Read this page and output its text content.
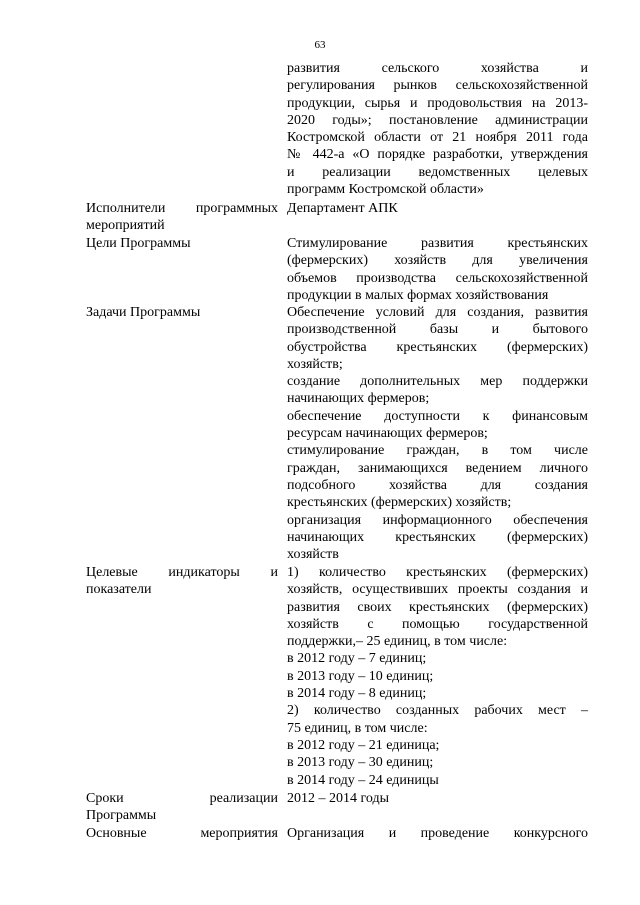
63
развития сельского хозяйства и
регулирования рынков сельскохозяйственной
продукции, сырья и продовольствия на 2013-
2020 годы»; постановление администрации
Костромской области от 21 ноября 2011 года
№ 442-а «О порядке разработки, утверждения
и реализации ведомственных целевых
программ Костромской области»
Исполнители программных
мероприятий
Департамент АПК
Цели Программы	Стимулирование развития крестьянских
(фермерских) хозяйств для увеличения
объемов производства сельскохозяйственной
продукции в малых формах хозяйствования
Задачи Программы	Обеспечение условий для создания, развития
производственной базы и бытового
обустройства крестьянских (фермерских)
хозяйств;
создание дополнительных мер поддержки
начинающих фермеров;
обеспечение доступности к финансовым
ресурсам начинающих фермеров;
стимулирование граждан, в том числе
граждан, занимающихся ведением личного
подсобного хозяйства для создания
крестьянских (фермерских) хозяйств;
организация информационного обеспечения
начинающих крестьянских (фермерских)
хозяйств
Целевые индикаторы и
показатели
1) количество крестьянских (фермерских)
хозяйств, осуществивших проекты создания и
развития своих крестьянских (фермерских)
хозяйств с помощью государственной
поддержки,– 25 единиц, в том числе:
в 2012 году – 7 единиц;
в 2013 году – 10 единиц;
в 2014 году – 8 единиц;
2) количество созданных рабочих мест –
75 единиц, в том числе:
в 2012 году – 21 единица;
в 2013 году – 30 единиц;
в 2014 году – 24 единицы
Сроки реализации
Программы
2012 – 2014 годы
Основные мероприятия Организация и проведение конкурсного
